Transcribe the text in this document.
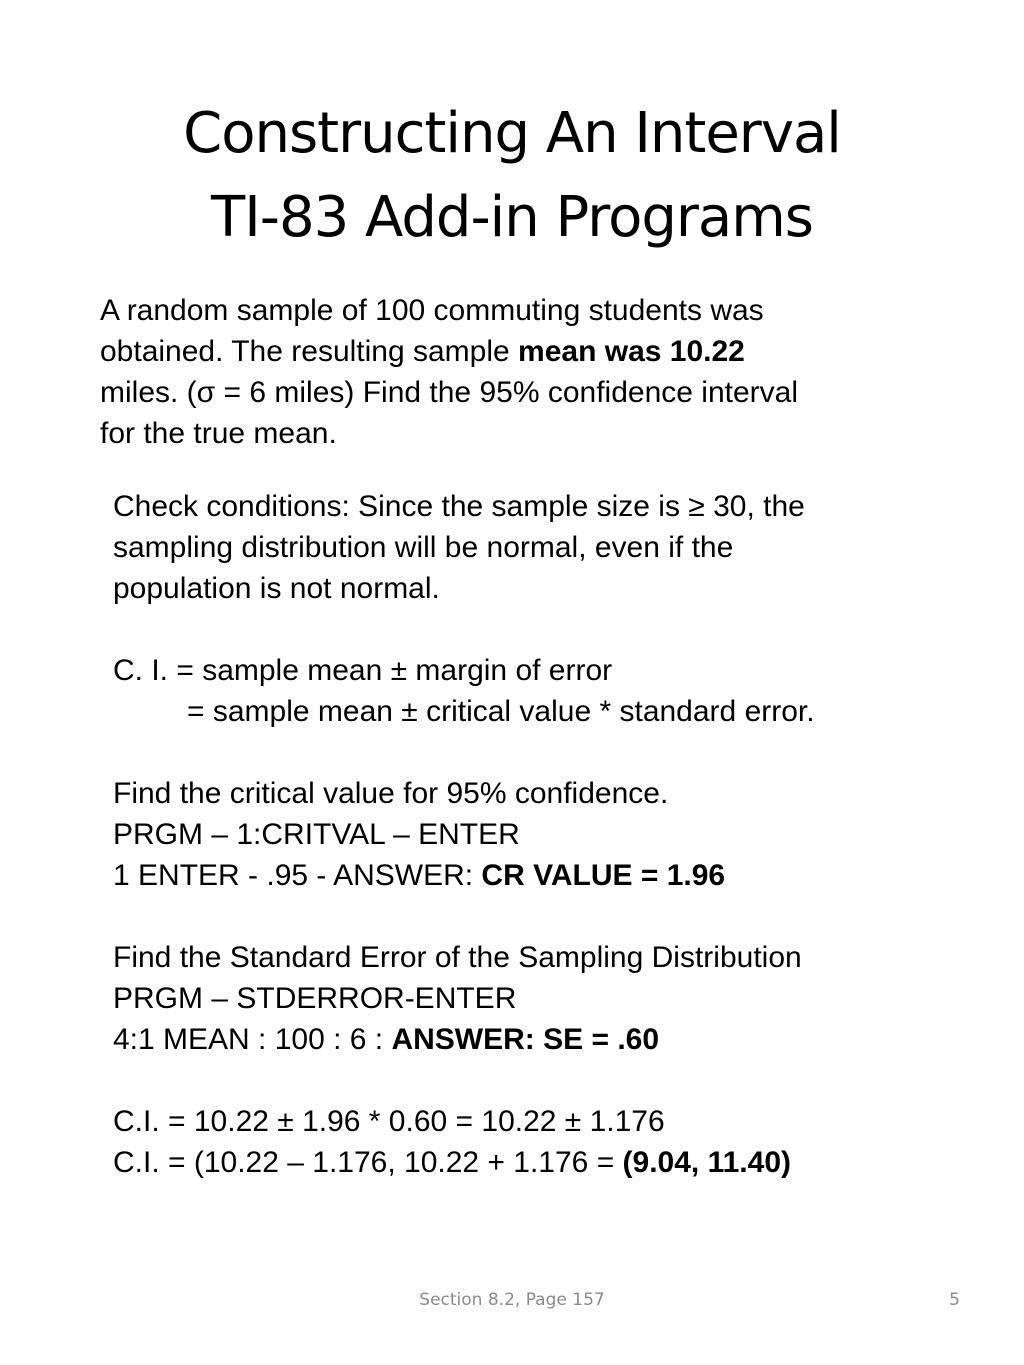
Constructing An Interval
TI-83 Add-in Programs
A random sample of 100 commuting students was
obtained. The resulting sample mean was 10.22
miles. (σ = 6 miles) Find the 95% confidence interval
for the true mean.
Check conditions: Since the sample size is ≥ 30, the
sampling distribution will be normal, even if the
population is not normal.
C. I. = sample mean ± margin of error
= sample mean ± critical value * standard error.
Find the critical value for 95% confidence.
PRGM – 1:CRITVAL – ENTER
1 ENTER - .95 - ANSWER: CR VALUE = 1.96
Find the Standard Error of the Sampling Distribution
PRGM – STDERROR-ENTER
4:1 MEAN : 100 : 6 : ANSWER: SE = .60
C.I. = 10.22 ± 1.96 * 0.60 = 10.22 ± 1.176
C.I. = (10.22 – 1.176, 10.22 + 1.176 = (9.04, 11.40)
Section 8.2, Page 157	5
